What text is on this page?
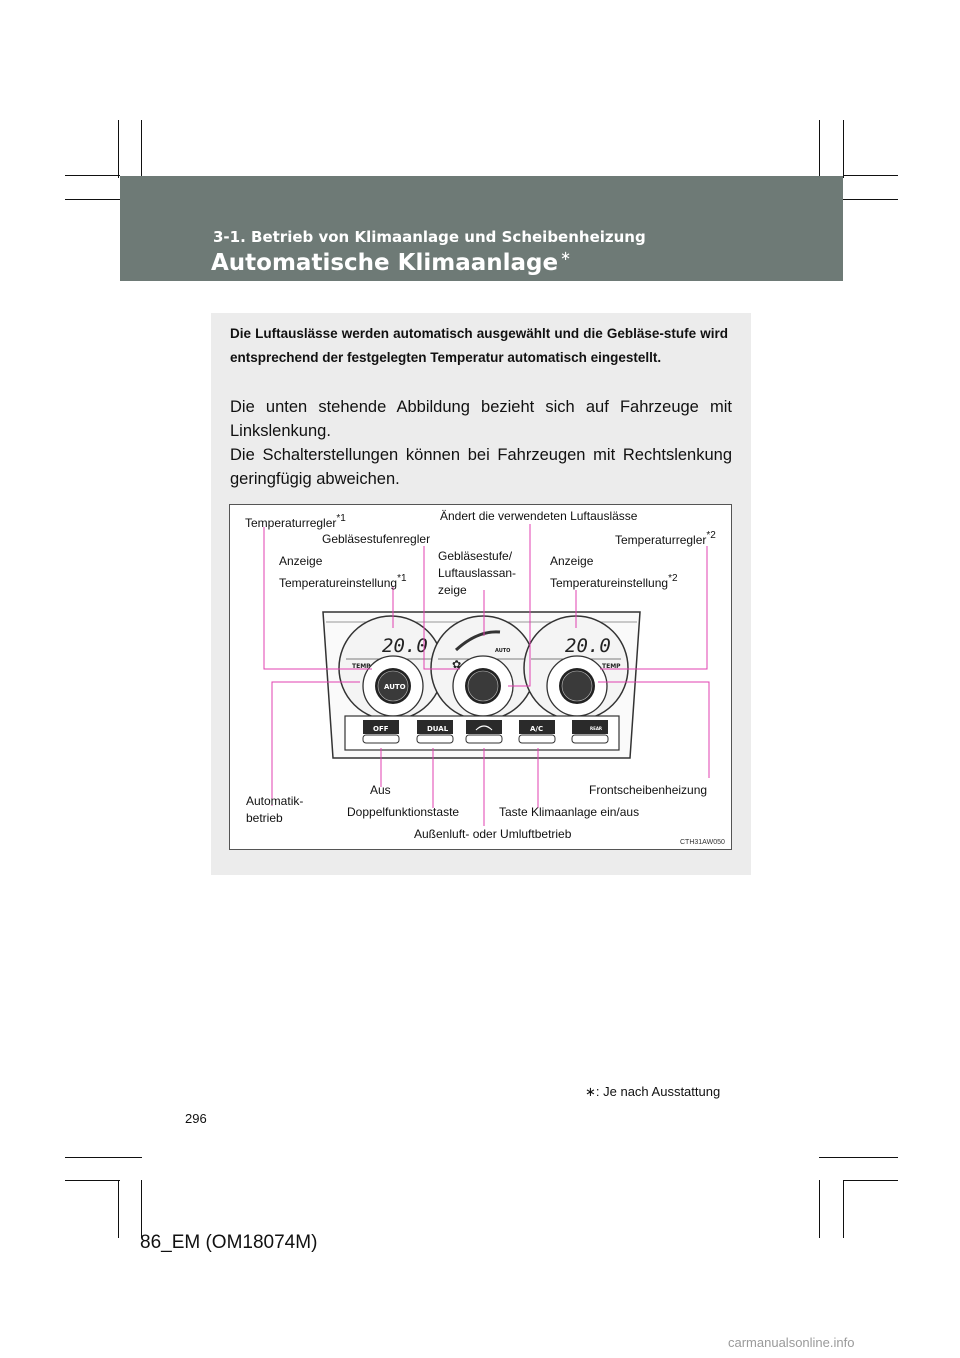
3-1. Betrieb von Klimaanlage und Scheibenheizung
Automatische Klimaanlage ∗
Die Luftauslässe werden automatisch ausgewählt und die Gebläse-stufe wird entsprechend der festgelegten Temperatur automatisch eingestellt.

Die unten stehende Abbildung bezieht sich auf Fahrzeuge mit

Linkslenkung.

Die Schalterstellungen können bei Fahrzeugen mit Rechtslenkung

geringfügig abweichen.

✿
20.0	20.0
TEMP	TEMP
AUTO
AUTO
OFF	DUAL	A/C	REAR
Temperaturregler$^{*1}$	Ändert die verwendeten Luftauslässe
Temperaturregler$^{*2}$
Gebläsestufenregler
Anzeige
Temperatureinstellung$^{*1}$
Gebläsestufe/
Luftauslassan-
zeige
Anzeige
Temperatureinstellung$^{*2}$
Automatik-
betrieb
Aus	Frontscheibenheizung
Doppelfunktionstaste	Taste Klimaanlage ein/aus
Außenluft- oder Umluftbetrieb
CTH31AW050
∗: Je nach Ausstattung
296
86_EM (OM18074M)
carmanualsonline.info
